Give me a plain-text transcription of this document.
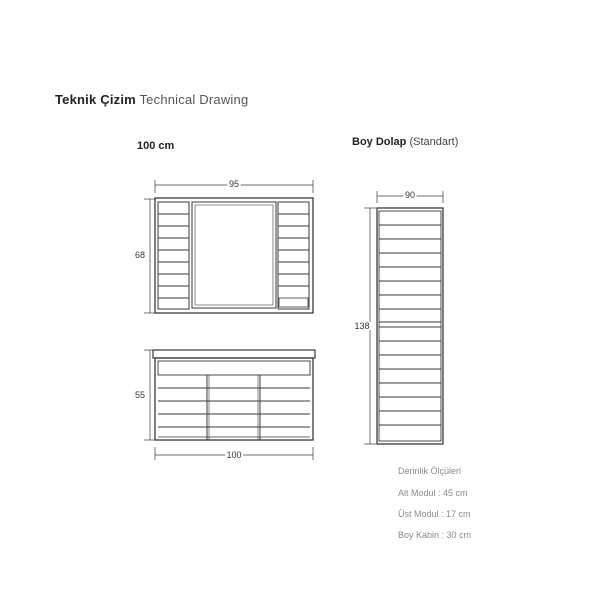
Teknik Çizim Technical Drawing
100 cm	Boy Dolap (Standart)
95
68
55
100
90
138
Derinlik Ölçüleri
Alt Modul : 45 cm
Üst Modul : 17 cm
Boy Kabin : 30 cm
